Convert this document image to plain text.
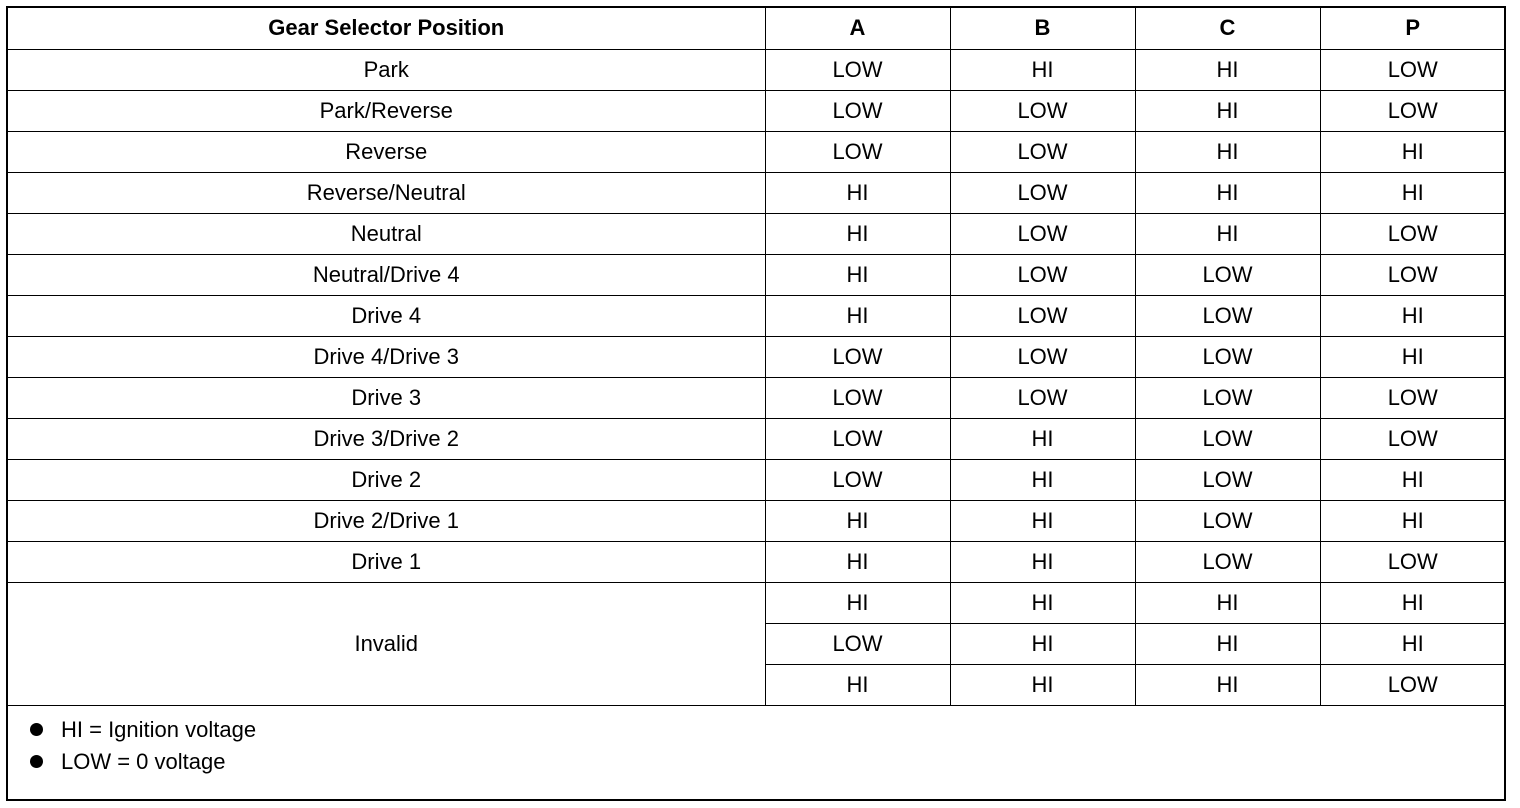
Gear Selector Position	A	B	C	P
Park	LOW	HI	HI	LOW
Park/Reverse	LOW	LOW	HI	LOW
Reverse	LOW	LOW	HI	HI
Reverse/Neutral	HI	LOW	HI	HI
Neutral	HI	LOW	HI	LOW
Neutral/Drive 4	HI	LOW	LOW	LOW
Drive 4	HI	LOW	LOW	HI
Drive 4/Drive 3	LOW	LOW	LOW	HI
Drive 3	LOW	LOW	LOW	LOW
Drive 3/Drive 2	LOW	HI	LOW	LOW
Drive 2	LOW	HI	LOW	HI
Drive 2/Drive 1	HI	HI	LOW	HI
Drive 1	HI	HI	LOW	LOW
Invalid	HI	HI	HI	HI
	LOW	HI	HI	HI
	HI	HI	HI	LOW
HI = Ignition voltage
LOW = 0 voltage
